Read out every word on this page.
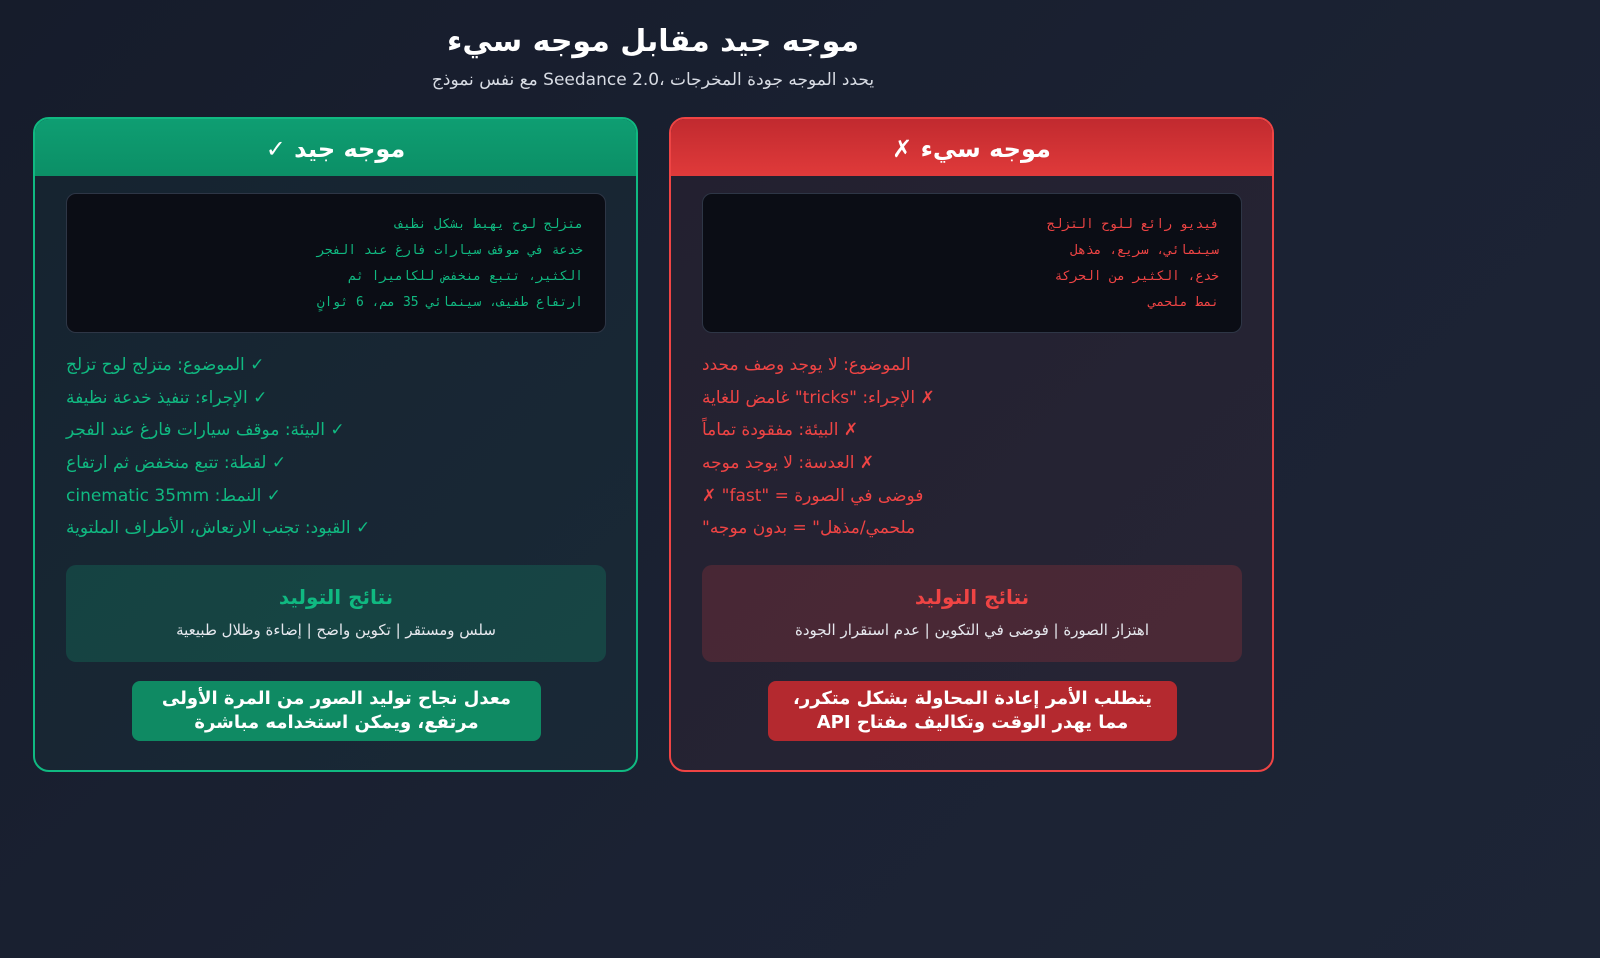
موجه جيد مقابل موجه سيء
يحدد الموجه جودة المخرجات ،Seedance 2.0 مع نفس نموذج
موجه جيد ✓
متزلج لوح يهبط بشكل نظيف
خدعة في موقف سيارات فارغ عند الفجر
الكثير، تتبع منخفض للكاميرا ثم
ارتفاع طفيف، سينمائي 35 مم، 6 ثوانٍ
✓ الموضوع: متزلج لوح تزلج
✓ الإجراء: تنفيذ خدعة نظيفة
✓ البيئة: موقف سيارات فارغ عند الفجر
✓ لقطة: تتبع منخفض ثم ارتفاع
✓ النمط: cinematic 35mm
✓ القيود: تجنب الارتعاش، الأطراف الملتوية
نتائج التوليد
سلس ومستقر | تكوين واضح | إضاءة وظلال طبيعية
معدل نجاح توليد الصور من المرة الأولى مرتفع، ويمكن استخدامه مباشرة
موجه سيء ✗
فيديو رائع للوح التزلج
سينمائي، سريع، مذهل
خدع، الكثير من الحركة
نمط ملحمي
الموضوع: لا يوجد وصف محدد
✗ الإجراء: "tricks" غامض للغاية
✗ البيئة: مفقودة تماماً
✗ العدسة: لا يوجد موجه
✗ "fast" = فوضى في الصورة
ملحمي/مذهل" = بدون موجه"
نتائج التوليد
اهتزاز الصورة | فوضى في التكوين | عدم استقرار الجودة
يتطلب الأمر إعادة المحاولة بشكل متكرر، مما يهدر الوقت وتكاليف مفتاح API
